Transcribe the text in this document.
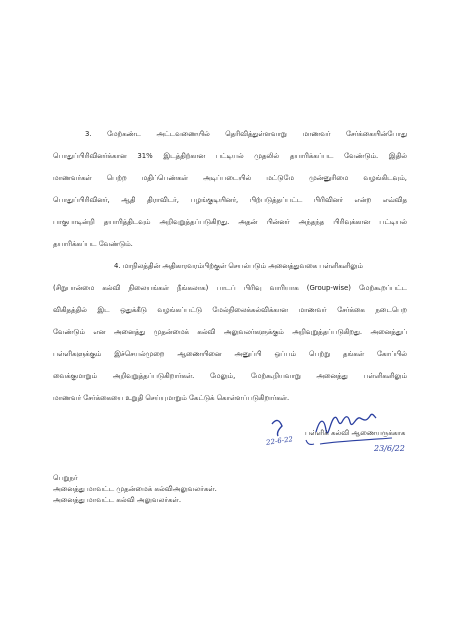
3. மேற்கண்ட அட்டவணையில் தெரிவித்துள்ளவாறு மாணவர் சேர்க்கையின்போது
பொதுப்பிரிவினர்க்கான 31% இடத்திற்கான பட்டியல் முதலில் தயாரிக்கப்பட வேண்டும். இதில்
மாணவர்கள் பெற்ற மதிப்பெண்கள் அடிப்படையில் மட்டுமே முன்னுரிமை வழங்கிடவும்,
பொதுப்பிரிவினர், ஆதி திராவிடர், பழங்குடியினர், பிற்படுத்தப்பட்ட பிரிவினர் என்ற எவ்வித
பாகுபாடின்றி தயாரித்திடவும் அறிவுறுத்தப்படுகிறது. அதன் பின்னர் அந்தந்த பிரிவுக்கான பட்டியல்
தயாரிக்கப்பட வேண்டும்.
4. மாநிலத்தின் அதிகாரவரம்பிற்குள் செயல்படும் அனைத்துவகை பள்ளிகளிலும்
(சிறுபான்மை கல்வி நிலையங்கள் நீங்கலாக) பாடப் பிரிவு வாரியாக (Group-wise) மேற்கூறப்பட்ட
விகிதத்தில் இட ஒதுக்கீடு வழங்கப்பட்டு மேல்நிலைக்கல்விக்கான மாணவர் சேர்க்கை நடைபெற
வேண்டும் என அனைத்து முதன்மைக் கல்வி அலுவலர்களுக்கும் அறிவுறுத்தப்படுகிறது. அனைத்துப்
பள்ளிகளுக்கும் இச்செயல்முறை ஆணையினை அனுப்பி ஒப்பம் பெற்று தங்கள் கோப்பில்
வைக்குமாறும் அறிவுறுத்தப்படுகிறார்கள். மேலும், மேற்கூறியவாறு அனைத்து பள்ளிகளிலும்
மாணவர் சேர்க்கையை உறுதி செய்யுமாறும் கேட்டுக் கொள்ளப்படுகிறார்கள்.
பள்ளிக் கல்வி ஆணையருக்காக
22-6-22
23/6/22
பெறுநர்
அனைத்து மாவட்ட முதன்மைக் கல்விஅலுவலர்கள்.
அனைத்து மாவட்ட கல்வி அலுவலர்கள்.
